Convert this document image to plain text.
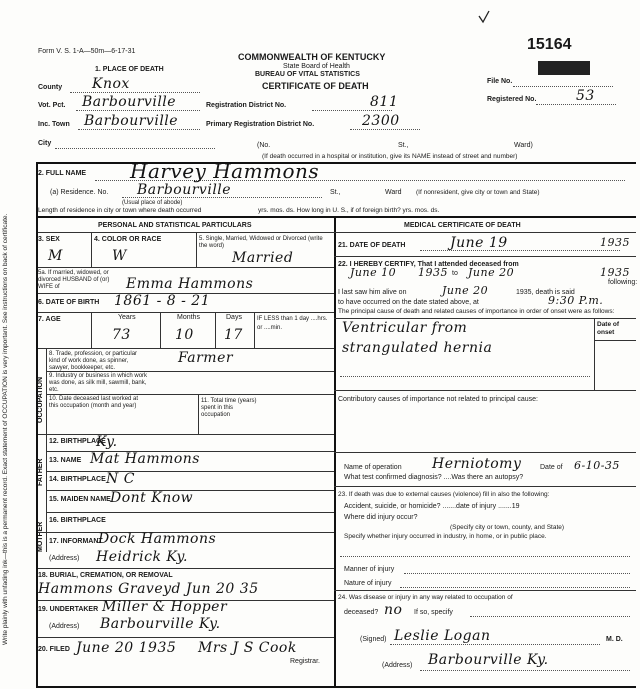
Write plainly with unfading ink—this is a permanent record. Exact statement of OCCUPATION is very important. See instructions on back of certificate.
Form V. S. 1-A—50m—6-17-31
COMMONWEALTH OF KENTUCKY
State Board of Health
BUREAU OF VITAL STATISTICS
CERTIFICATE OF DEATH
15164
File No.
Registered No.	53
1. PLACE OF DEATH
County Knox
Vot. Pct. Barbourville	Registration District No.	811
Inc. Town Barbourville	Primary Registration District No.	2300
City	(No.	St.,	Ward)
(If death occurred in a hospital or institution, give its NAME instead of street and number)
2. FULL NAME Harvey Hammons
(a) Residence. No. Barbourville
(Usual place of abode)
St.,	Ward (If nonresident, give city or town and State)
Length of residence in city or town where death occurred	yrs. mos. ds. How long in U. S., if of foreign birth? yrs. mos. ds.
PERSONAL AND STATISTICAL PARTICULARS	MEDICAL CERTIFICATE OF DEATH
3. SEX
M
4. COLOR OR RACE
W
5. Single, Married, Widowed or Divorced (write the word)
Married
5a. If married, widowed, or divorced HUSBAND of (or) WIFE of	Emma Hammons
6. DATE OF BIRTH 1861 - 8 - 21
7. AGE	Years	Months	Days
73	10 17
IF LESS than 1 day ....hrs. or ....min.
OCCUPATION
8. Trade, profession, or particular kind of work done, as spinner, sawyer, bookkeeper, etc.
Farmer
9. Industry or business in which work was done, as silk mill, sawmill, bank, etc.
10. Date deceased last worked at this occupation (month and year)
11. Total time (years) spent in this occupation
FATHER
MOTHER
12. BIRTHPLACE
Ky.
13. NAME Mat Hammons
14. BIRTHPLACE N C
15. MAIDEN NAME Dont Know
16. BIRTHPLACE
17. INFORMANT
Dock Hammons
(Address) Heidrick Ky.
18. BURIAL, CREMATION, OR REMOVAL
Hammons Graveyd Jun 20 35
19. UNDERTAKER Miller & Hopper
(Address) Barbourville Ky.
20. FILED June 20 1935 Mrs J S Cook
Registrar.
21. DATE OF DEATH	June 19	1935
22. I HEREBY CERTIFY, That I attended deceased from
June 10 1935 to June 20	1935
following:
I last saw him alive on	June 20	1935, death is said
to have occurred on the date stated above, at	9:30 P.m.
The principal cause of death and related causes of importance in order of onset were as follows:
Date of onset
Ventricular from
strangulated hernia
Contributory causes of importance not related to principal cause:
Name of operation Herniotomy	Date of 6-10-35
What test confirmed diagnosis? ....Was there an autopsy?
23. If death was due to external causes (violence) fill in also the following:
Accident, suicide, or homicide? .......date of injury .......19
Where did injury occur?
(Specify city or town, county, and State)
Specify whether injury occurred in industry, in home, or in public place.
Manner of injury
Nature of injury
24. Was disease or injury in any way related to occupation of
deceased? no If so, specify
(Signed) Leslie Logan	M. D.
(Address) Barbourville Ky.
